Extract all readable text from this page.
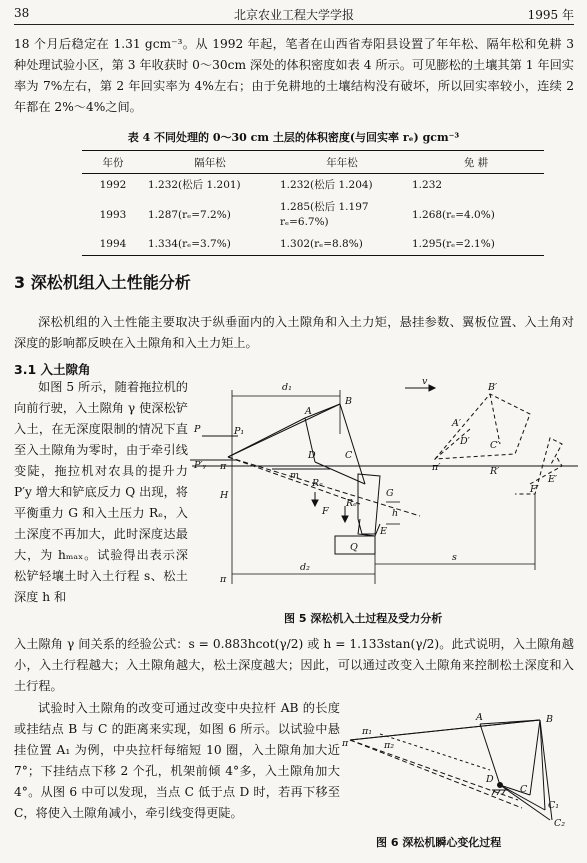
38	北京农业工程大学学报	1995 年

18 个月后稳定在 1.31 gcm⁻³。从 1992 年起，笔者在山西省寿阳县设置了年年松、隔年松和免耕 3 种处理试验小区，第 3 年收获时 0～30cm 深处的体积密度如表 4 所示。可见膨松的土壤其第 1 年回实率为 7%左右，第 2 年回实率为 4%左右；由于免耕地的土壤结构没有破坏，所以回实率较小，连续 2 年都在 2%～4%之间。

表 4 不同处理的 0～30 cm 土层的体积密度(与回实率 rₑ) gcm⁻³
年份	隔年松	年年松	免 耕
1992	1.232(松后 1.201)	1.232(松后 1.204)	1.232
1993	1.287(rₑ=7.2%)	1.285(松后 1.197
rₑ=6.7%)	1.268(rₑ=4.0%)
1994	1.334(rₑ=3.7%)	1.302(rₑ=8.8%)	1.295(rₑ=2.1%)
3 深松机组入土性能分析

深松机组的入土性能主要取决于纵垂面内的入土隙角和入土力矩，悬挂参数、翼板位置、入土角对深度的影响都反映在入土隙角和入土力矩上。

3.1 入土隙角

如图 5 所示，随着拖拉机的向前行驶，入土隙角 γ 使深松铲入土，在无深度限制的情况下直至入土隙角为零时，由于牵引线变陡，拖拉机对农具的提升力 P′y 增大和铲底反力 Q 出现，将平衡重力 G 和入土压力 Rₑ，入土深度不再加大，此时深度达最大，为 hₘₐₓ。试验得出表示深松铲轻壤土时入土行程 s、松土深度 h 和

d₁
v
B′
A′
D′ C′
B
A
P	P₁
P′ᵧ π
D	C
m
π′
H
Rₑ
G	F′
E′
F
Rₑ
h
E
Q
s
d₂
π
R′
图 5 深松机入土过程及受力分析

入土隙角 γ 间关系的经验公式：s = 0.883hcot(γ/2) 或 h = 1.133stan(γ/2)。此式说明，入土隙角越小，入土行程越大；入土隙角越大，松土深度越大；因此，可以通过改变入土隙角来控制松土深度和入土行程。

试验时入土隙角的改变可通过改变中央拉杆 AB 的长度或挂结点 B 与 C 的距离来实现，如图 6 所示。以试验中悬挂位置 A₁ 为例，中央拉杆每缩短 10 圈，入土隙角加大近 7°；下挂结点下移 2 个孔，机架前倾 4°多，入土隙角加大 4°。从图 6 中可以发现，当点 C 低于点 D 时，若再下移至 C，将使入土隙角减小，牵引线变得更陡。

A	B
π
π₁
π₂
D
C
C₁
C₂
图 6 深松机瞬心变化过程
